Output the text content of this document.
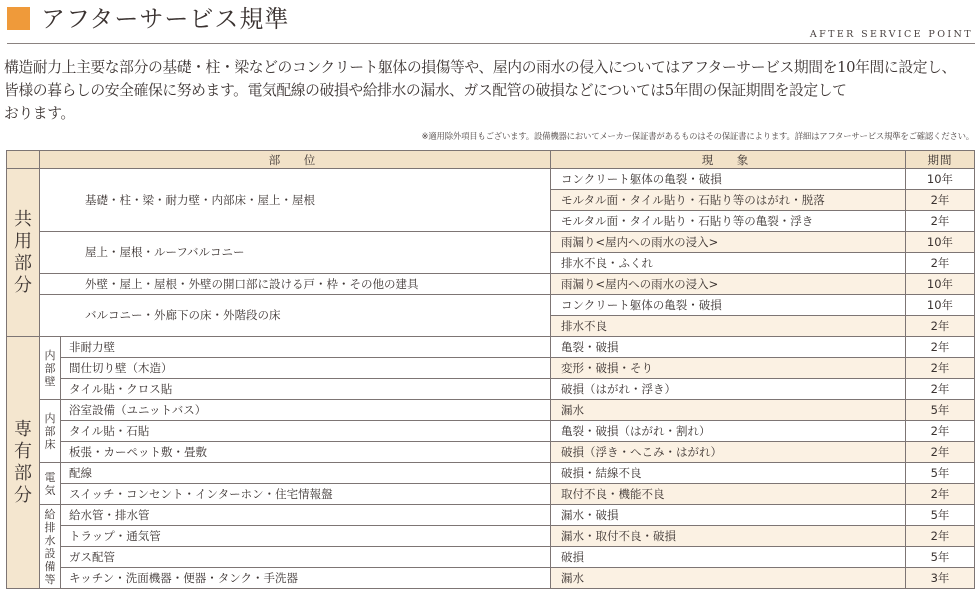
アフターサービス規準
AFTER SERVICE POINT
構造耐力上主要な部分の基礎・柱・梁などのコンクリート躯体の損傷等や、屋内の雨水の侵入についてはアフターサービス期間を10年間に設定し、
皆様の暮らしの安全確保に努めます。電気配線の破損や給排水の漏水、ガス配管の破損などについては5年間の保証期間を設定して
おります。
※適用除外項目もございます。設備機器においてメーカー保証書があるものはその保証書によります。詳細はアフターサービス規準をご確認ください。
	部　位		現　象	期間
共用部分	基礎・柱・梁・耐力壁・内部床・屋上・屋根		コンクリート躯体の亀裂・破損	10年
			モルタル面・タイル貼り・石貼り等のはがれ・脱落	2年
			モルタル面・タイル貼り・石貼り等の亀裂・浮き	2年
	屋上・屋根・ルーフバルコニー		雨漏り<屋内への雨水の浸入>	10年
			排水不良・ふくれ	2年
	外壁・屋上・屋根・外壁の開口部に設ける戸・枠・その他の建具		雨漏り<屋内への雨水の浸入>	10年
	バルコニー・外廊下の床・外階段の床		コンクリート躯体の亀裂・破損	10年
			排水不良	2年
専有部分	内部壁	非耐力壁	亀裂・破損	2年
		間仕切り壁（木造）	変形・破損・そり	2年
		タイル貼・クロス貼	破損（はがれ・浮き）	2年
	内部床	浴室設備（ユニットバス）	漏水	5年
		タイル貼・石貼	亀裂・破損（はがれ・割れ）	2年
		板張・カーペット敷・畳敷	破損（浮き・へこみ・はがれ）	2年
	電気	配線	破損・結線不良	5年
		スイッチ・コンセント・インターホン・住宅情報盤	取付不良・機能不良	2年
	給排水設備等	給水管・排水管	漏水・破損	5年
		トラップ・通気管	漏水・取付不良・破損	2年
		ガス配管	破損	5年
		キッチン・洗面機器・便器・タンク・手洗器	漏水	3年
